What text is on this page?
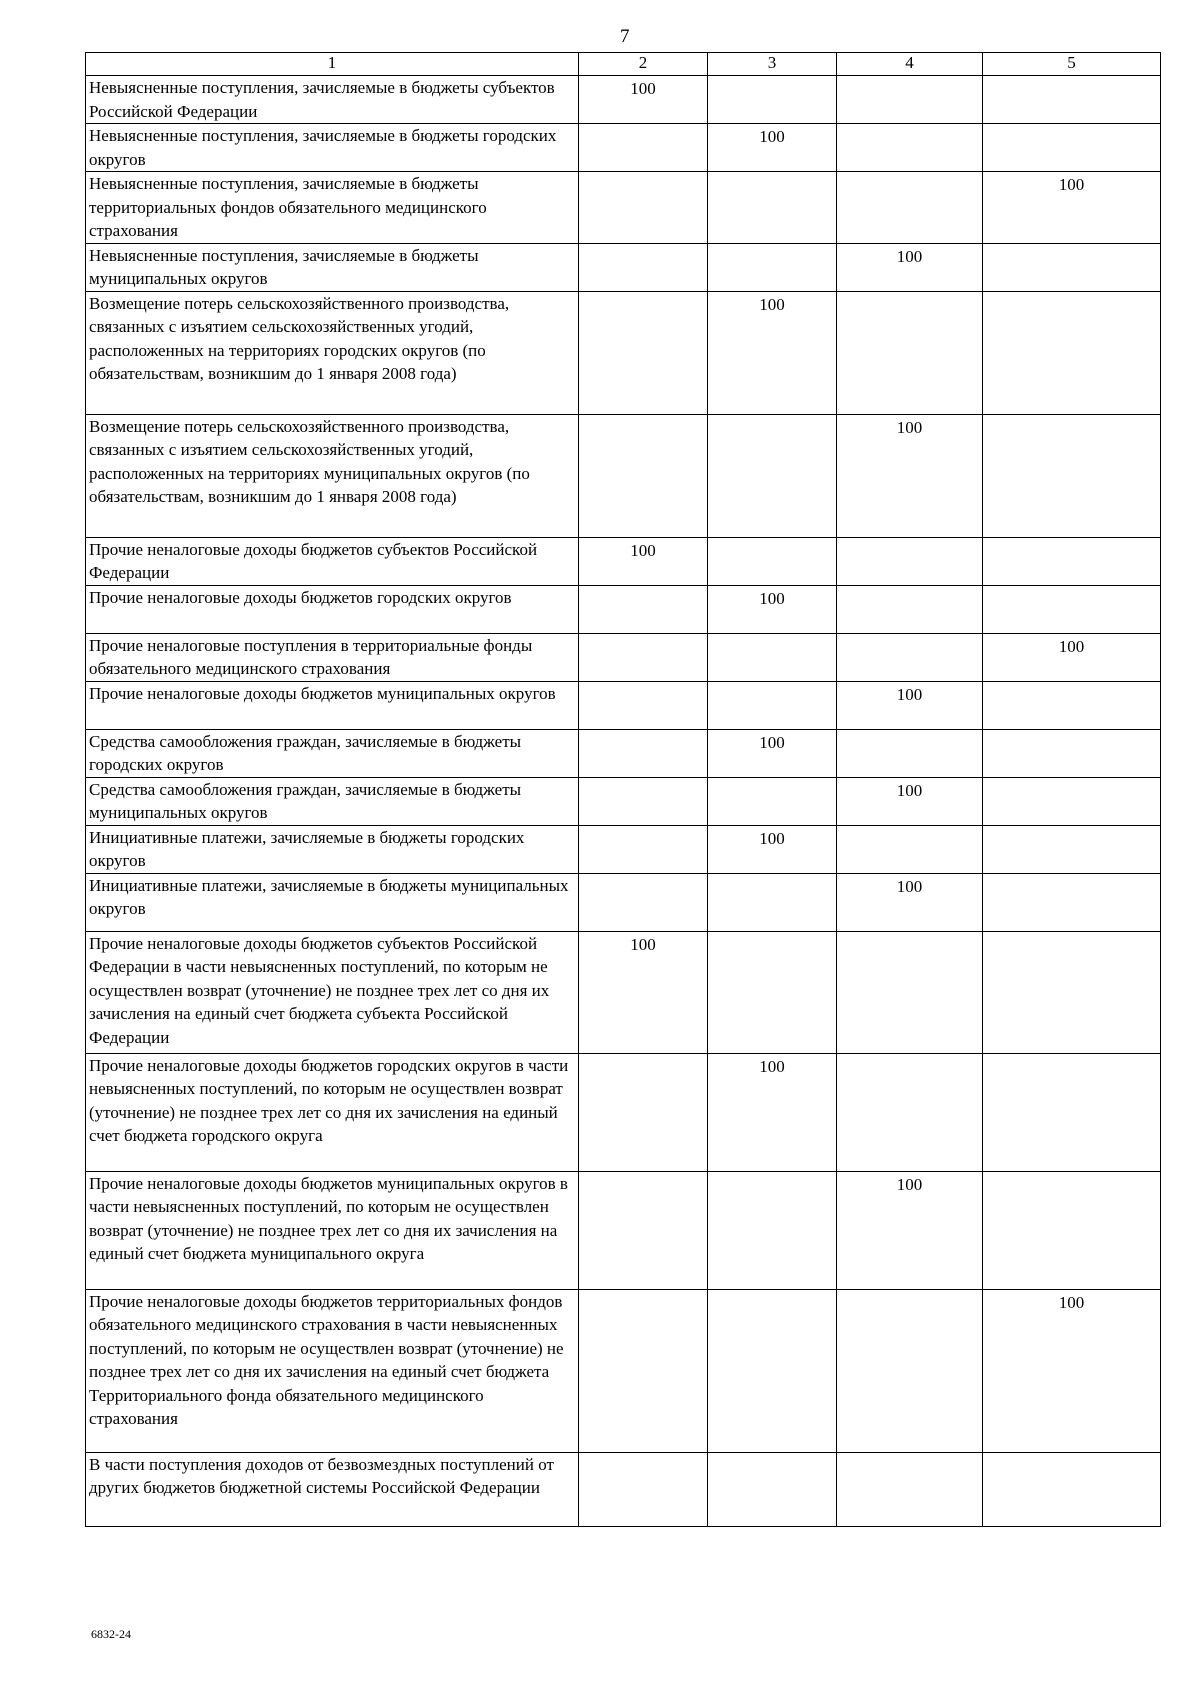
7
1	2	3	4	5
Невыясненные поступления, зачисляемые в бюджеты субъектов Российской Федерации	100			
Невыясненные поступления, зачисляемые в бюджеты городских округов		100		
Невыясненные поступления, зачисляемые в бюджеты территориальных фондов обязательного медицинского страхования				100
Невыясненные поступления, зачисляемые в бюджеты муниципальных округов			100	
Возмещение потерь сельскохозяйственного производства, связанных с изъятием сельскохозяйственных угодий, расположенных на территориях городских округов (по обязательствам, возникшим до 1 января 2008 года)		100		
Возмещение потерь сельскохозяйственного производства, связанных с изъятием сельскохозяйственных угодий, расположенных на территориях муниципальных округов (по обязательствам, возникшим до 1 января 2008 года)			100	
Прочие неналоговые доходы бюджетов субъектов Российской Федерации	100			
Прочие неналоговые доходы бюджетов городских округов		100		
Прочие неналоговые поступления в территориальные фонды обязательного медицинского страхования				100
Прочие неналоговые доходы бюджетов муниципальных округов			100	
Средства самообложения граждан, зачисляемые в бюджеты городских округов		100		
Средства самообложения граждан, зачисляемые в бюджеты муниципальных округов			100	
Инициативные платежи, зачисляемые в бюджеты городских округов		100		
Инициативные платежи, зачисляемые в бюджеты муниципальных округов			100	
Прочие неналоговые доходы бюджетов субъектов Российской Федерации в части невыясненных поступлений, по которым не осуществлен возврат (уточнение) не позднее трех лет со дня их зачисления на единый счет бюджета субъекта Российской Федерации	100			
Прочие неналоговые доходы бюджетов городских округов в части невыясненных поступлений, по которым не осуществлен возврат (уточнение) не позднее трех лет со дня их зачисления на единый счет бюджета городского округа		100		
Прочие неналоговые доходы бюджетов муниципальных округов в части невыясненных поступлений, по которым не осуществлен возврат (уточнение) не позднее трех лет со дня их зачисления на единый счет бюджета муниципального округа			100	
Прочие неналоговые доходы бюджетов территориальных фондов обязательного медицинского страхования в части невыясненных поступлений, по которым не осуществлен возврат (уточнение) не позднее трех лет со дня их зачисления на единый счет бюджета Территориального фонда обязательного медицинского страхования				100
В части поступления доходов от безвозмездных поступлений от других бюджетов бюджетной системы Российской Федерации				
6832-24
